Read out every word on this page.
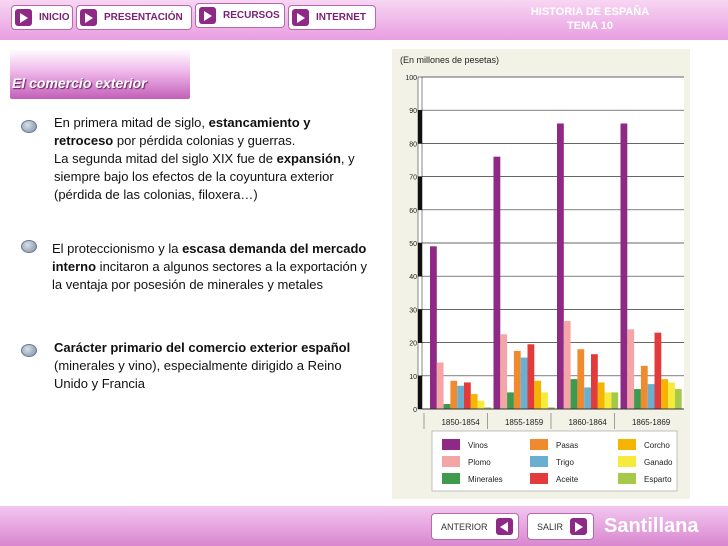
INICIO	PRESENTACIÓN	RECURSOS	INTERNET	HISTORIA DE ESPAÑA
TEMA 10
El comercio exterior

En primera mitad de siglo, estancamiento y retroceso por pérdida colonias y guerras.
La segunda mitad del siglo XIX fue de expansión, y siempre bajo los efectos de la coyuntura exterior (pérdida de las colonias, filoxera…)

El proteccionismo y la escasa demanda del mercado interno incitaron a algunos sectores a la exportación y la ventaja por posesión de minerales y metales

Carácter primario del comercio exterior español (minerales y vino), especialmente dirigido a Reino Unido y Francia

(En millones de pesetas)
0
10
20
30
40
50
60
70
80
90
100
1850-1854	1855-1859	1860-1864	1865-1869
Vinos
Plomo
Minerales
Pasas
Trigo
Aceite
Corcho
Ganado
Esparto
ANTERIOR	SALIR Santillana
